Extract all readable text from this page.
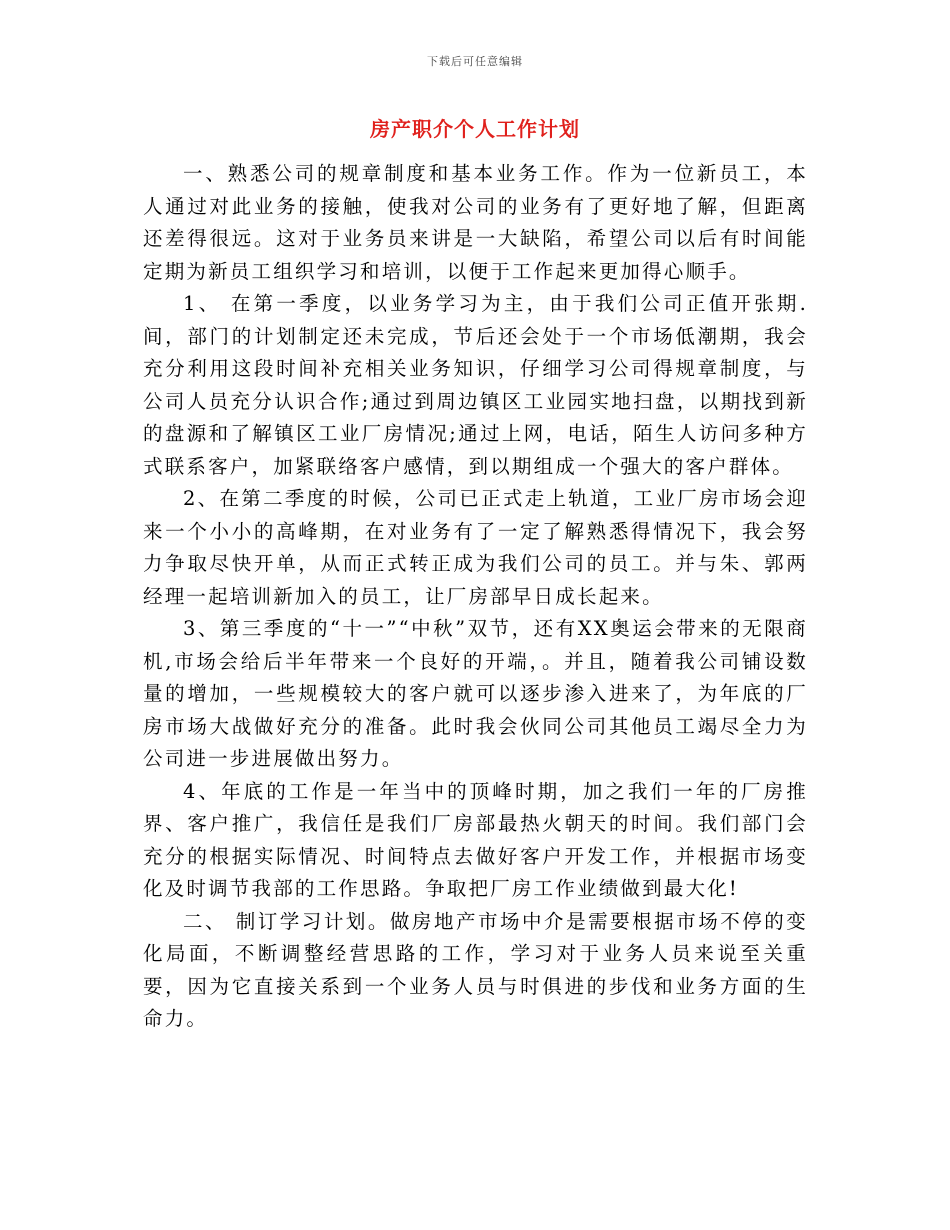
下载后可任意编辑
房产职介个人工作计划

一、熟悉公司的规章制度和基本业务工作。作为一位新员工，本人通过对此业务的接触，使我对公司的业务有了更好地了解，但距离还差得很远。这对于业务员来讲是一大缺陷，希望公司以后有时间能定期为新员工组织学习和培训，以便于工作起来更加得心顺手。

1、 在第一季度，以业务学习为主，由于我们公司正值开张期.间，部门的计划制定还未完成，节后还会处于一个市场低潮期，我会充分利用这段时间补充相关业务知识，仔细学习公司得规章制度，与公司人员充分认识合作;通过到周边镇区工业园实地扫盘，以期找到新的盘源和了解镇区工业厂房情况;通过上网，电话，陌生人访问多种方式联系客户，加紧联络客户感情，到以期组成一个强大的客户群体。

2、在第二季度的时候，公司已正式走上轨道，工业厂房市场会迎来一个小小的高峰期，在对业务有了一定了解熟悉得情况下，我会努力争取尽快开单，从而正式转正成为我们公司的员工。并与朱、郭两经理一起培训新加入的员工，让厂房部早日成长起来。

3、第三季度的“十一”“中秋”双节，还有XX奥运会带来的无限商机,市场会给后半年带来一个良好的开端，。并且，随着我公司铺设数量的增加，一些规模较大的客户就可以逐步渗入进来了，为年底的厂房市场大战做好充分的准备。此时我会伙同公司其他员工竭尽全力为公司进一步进展做出努力。

4、年底的工作是一年当中的顶峰时期，加之我们一年的厂房推界、客户推广，我信任是我们厂房部最热火朝天的时间。我们部门会充分的根据实际情况、时间特点去做好客户开发工作，并根据市场变化及时调节我部的工作思路。争取把厂房工作业绩做到最大化!

二、 制订学习计划。做房地产市场中介是需要根据市场不停的变化局面，不断调整经营思路的工作，学习对于业务人员来说至关重要，因为它直接关系到一个业务人员与时俱进的步伐和业务方面的生命力。
